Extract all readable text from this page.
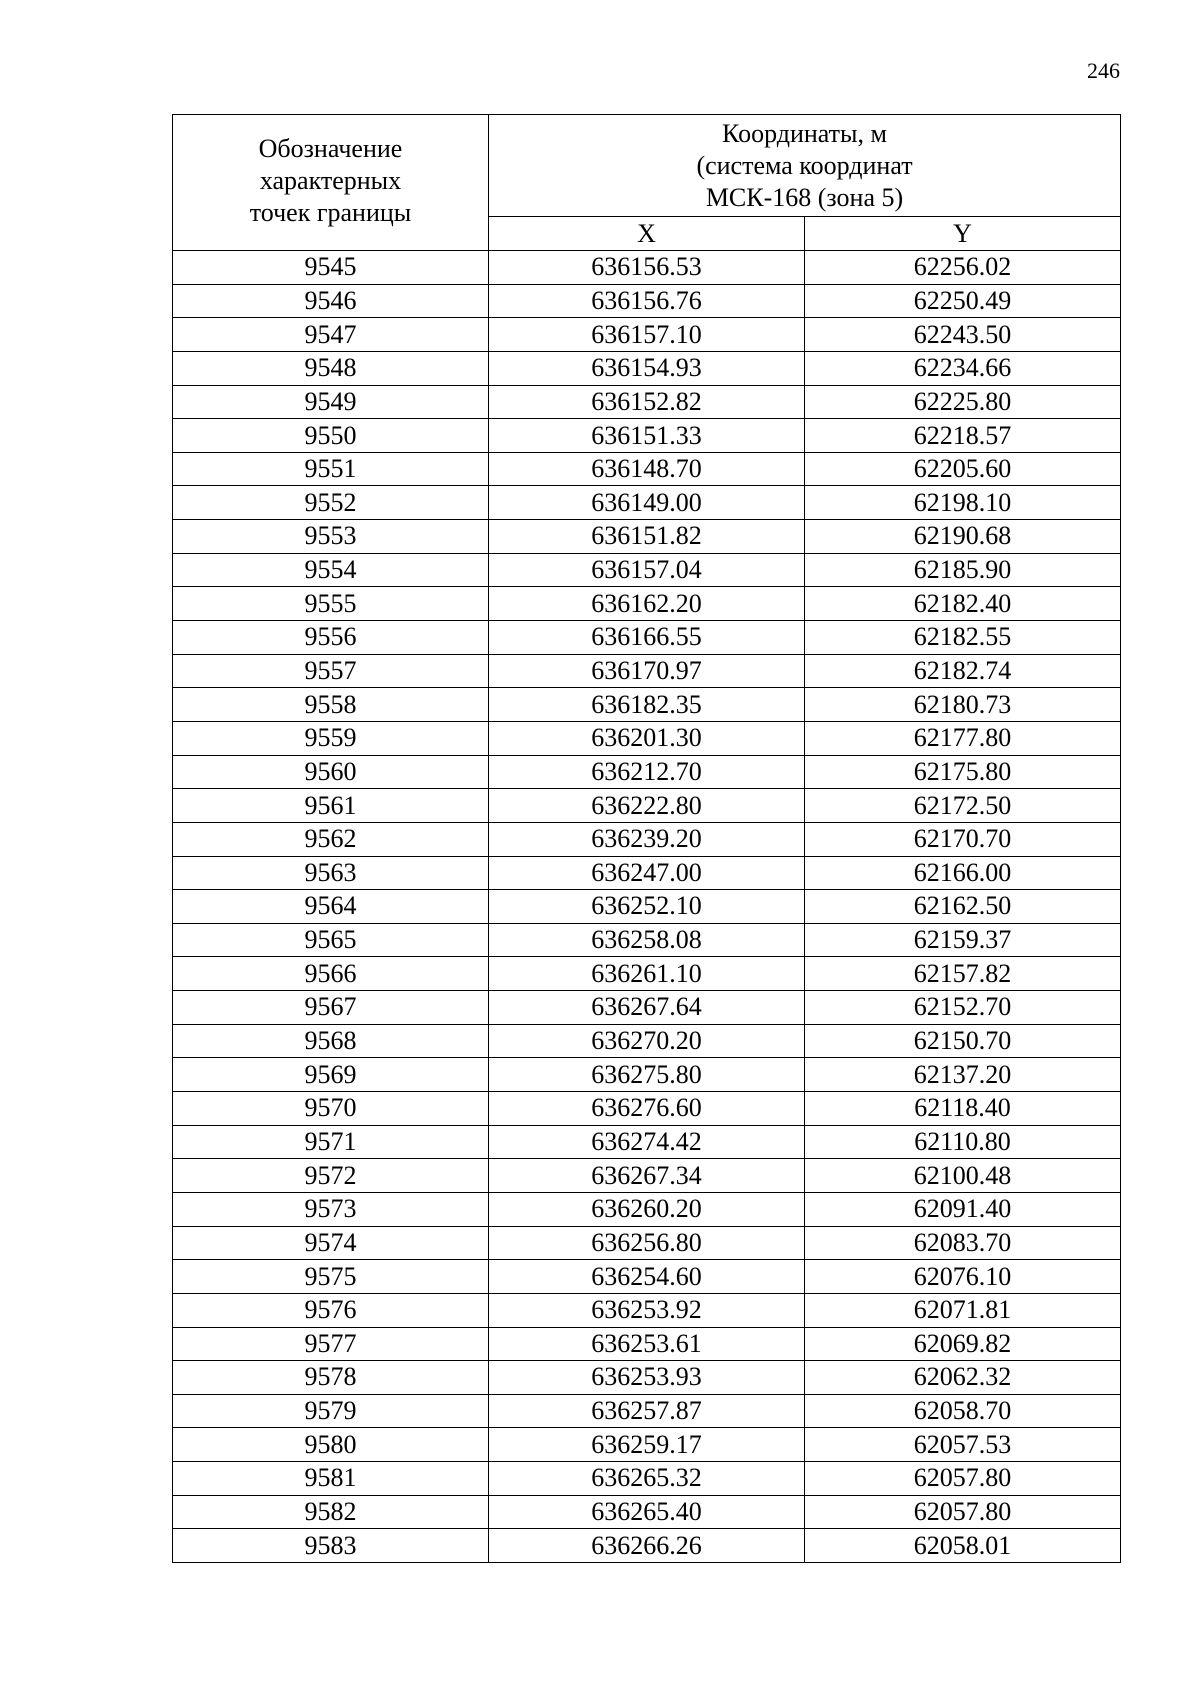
246
Обозначение
характерных
точек границы	Координаты, м
(система координат
МСК-168 (зона 5)	

	X	Y
9545	636156.53	62256.02
9546	636156.76	62250.49
9547	636157.10	62243.50
9548	636154.93	62234.66
9549	636152.82	62225.80
9550	636151.33	62218.57
9551	636148.70	62205.60
9552	636149.00	62198.10
9553	636151.82	62190.68
9554	636157.04	62185.90
9555	636162.20	62182.40
9556	636166.55	62182.55
9557	636170.97	62182.74
9558	636182.35	62180.73
9559	636201.30	62177.80
9560	636212.70	62175.80
9561	636222.80	62172.50
9562	636239.20	62170.70
9563	636247.00	62166.00
9564	636252.10	62162.50
9565	636258.08	62159.37
9566	636261.10	62157.82
9567	636267.64	62152.70
9568	636270.20	62150.70
9569	636275.80	62137.20
9570	636276.60	62118.40
9571	636274.42	62110.80
9572	636267.34	62100.48
9573	636260.20	62091.40
9574	636256.80	62083.70
9575	636254.60	62076.10
9576	636253.92	62071.81
9577	636253.61	62069.82
9578	636253.93	62062.32
9579	636257.87	62058.70
9580	636259.17	62057.53
9581	636265.32	62057.80
9582	636265.40	62057.80
9583	636266.26	62058.01
